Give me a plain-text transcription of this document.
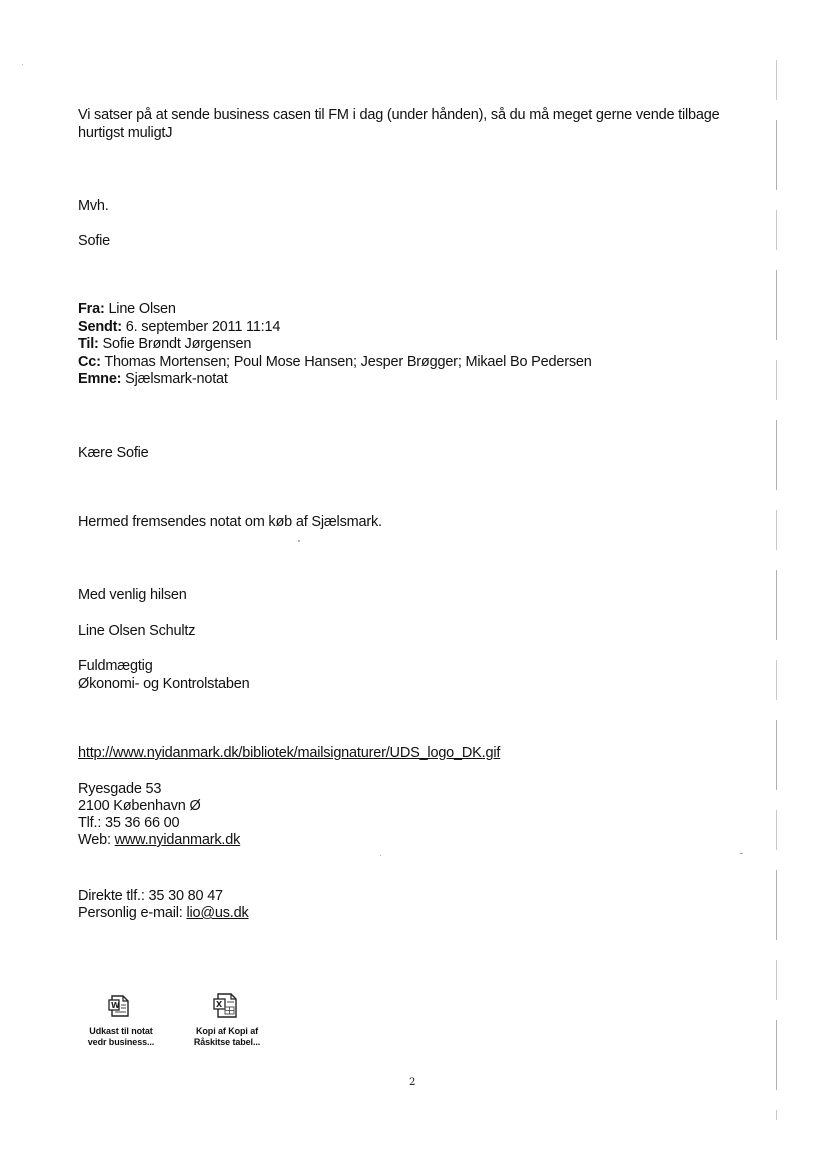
Vi satser på at sende business casen til FM i dag (under hånden), så du må meget gerne vende tilbage hurtigst muligtJ
Mvh.
Sofie
Fra: Line Olsen
Sendt: 6. september 2011 11:14
Til: Sofie Brøndt Jørgensen
Cc: Thomas Mortensen; Poul Mose Hansen; Jesper Brøgger; Mikael Bo Pedersen
Emne: Sjælsmark-notat
Kære Sofie
Hermed fremsendes notat om køb af Sjælsmark.
Med venlig hilsen
Line Olsen Schultz
Fuldmægtig
Økonomi- og Kontrolstaben
http://www.nyidanmark.dk/bibliotek/mailsignaturer/UDS_logo_DK.gif
Ryesgade 53
2100 København Ø
Tlf.: 35 36 66 00
Web: www.nyidanmark.dk
Direkte tlf.: 35 30 80 47
Personlig e-mail: lio@us.dk
W
Udkast til notat
vedr business...
X
Kopi af Kopi af
Råskitse tabel...
2
